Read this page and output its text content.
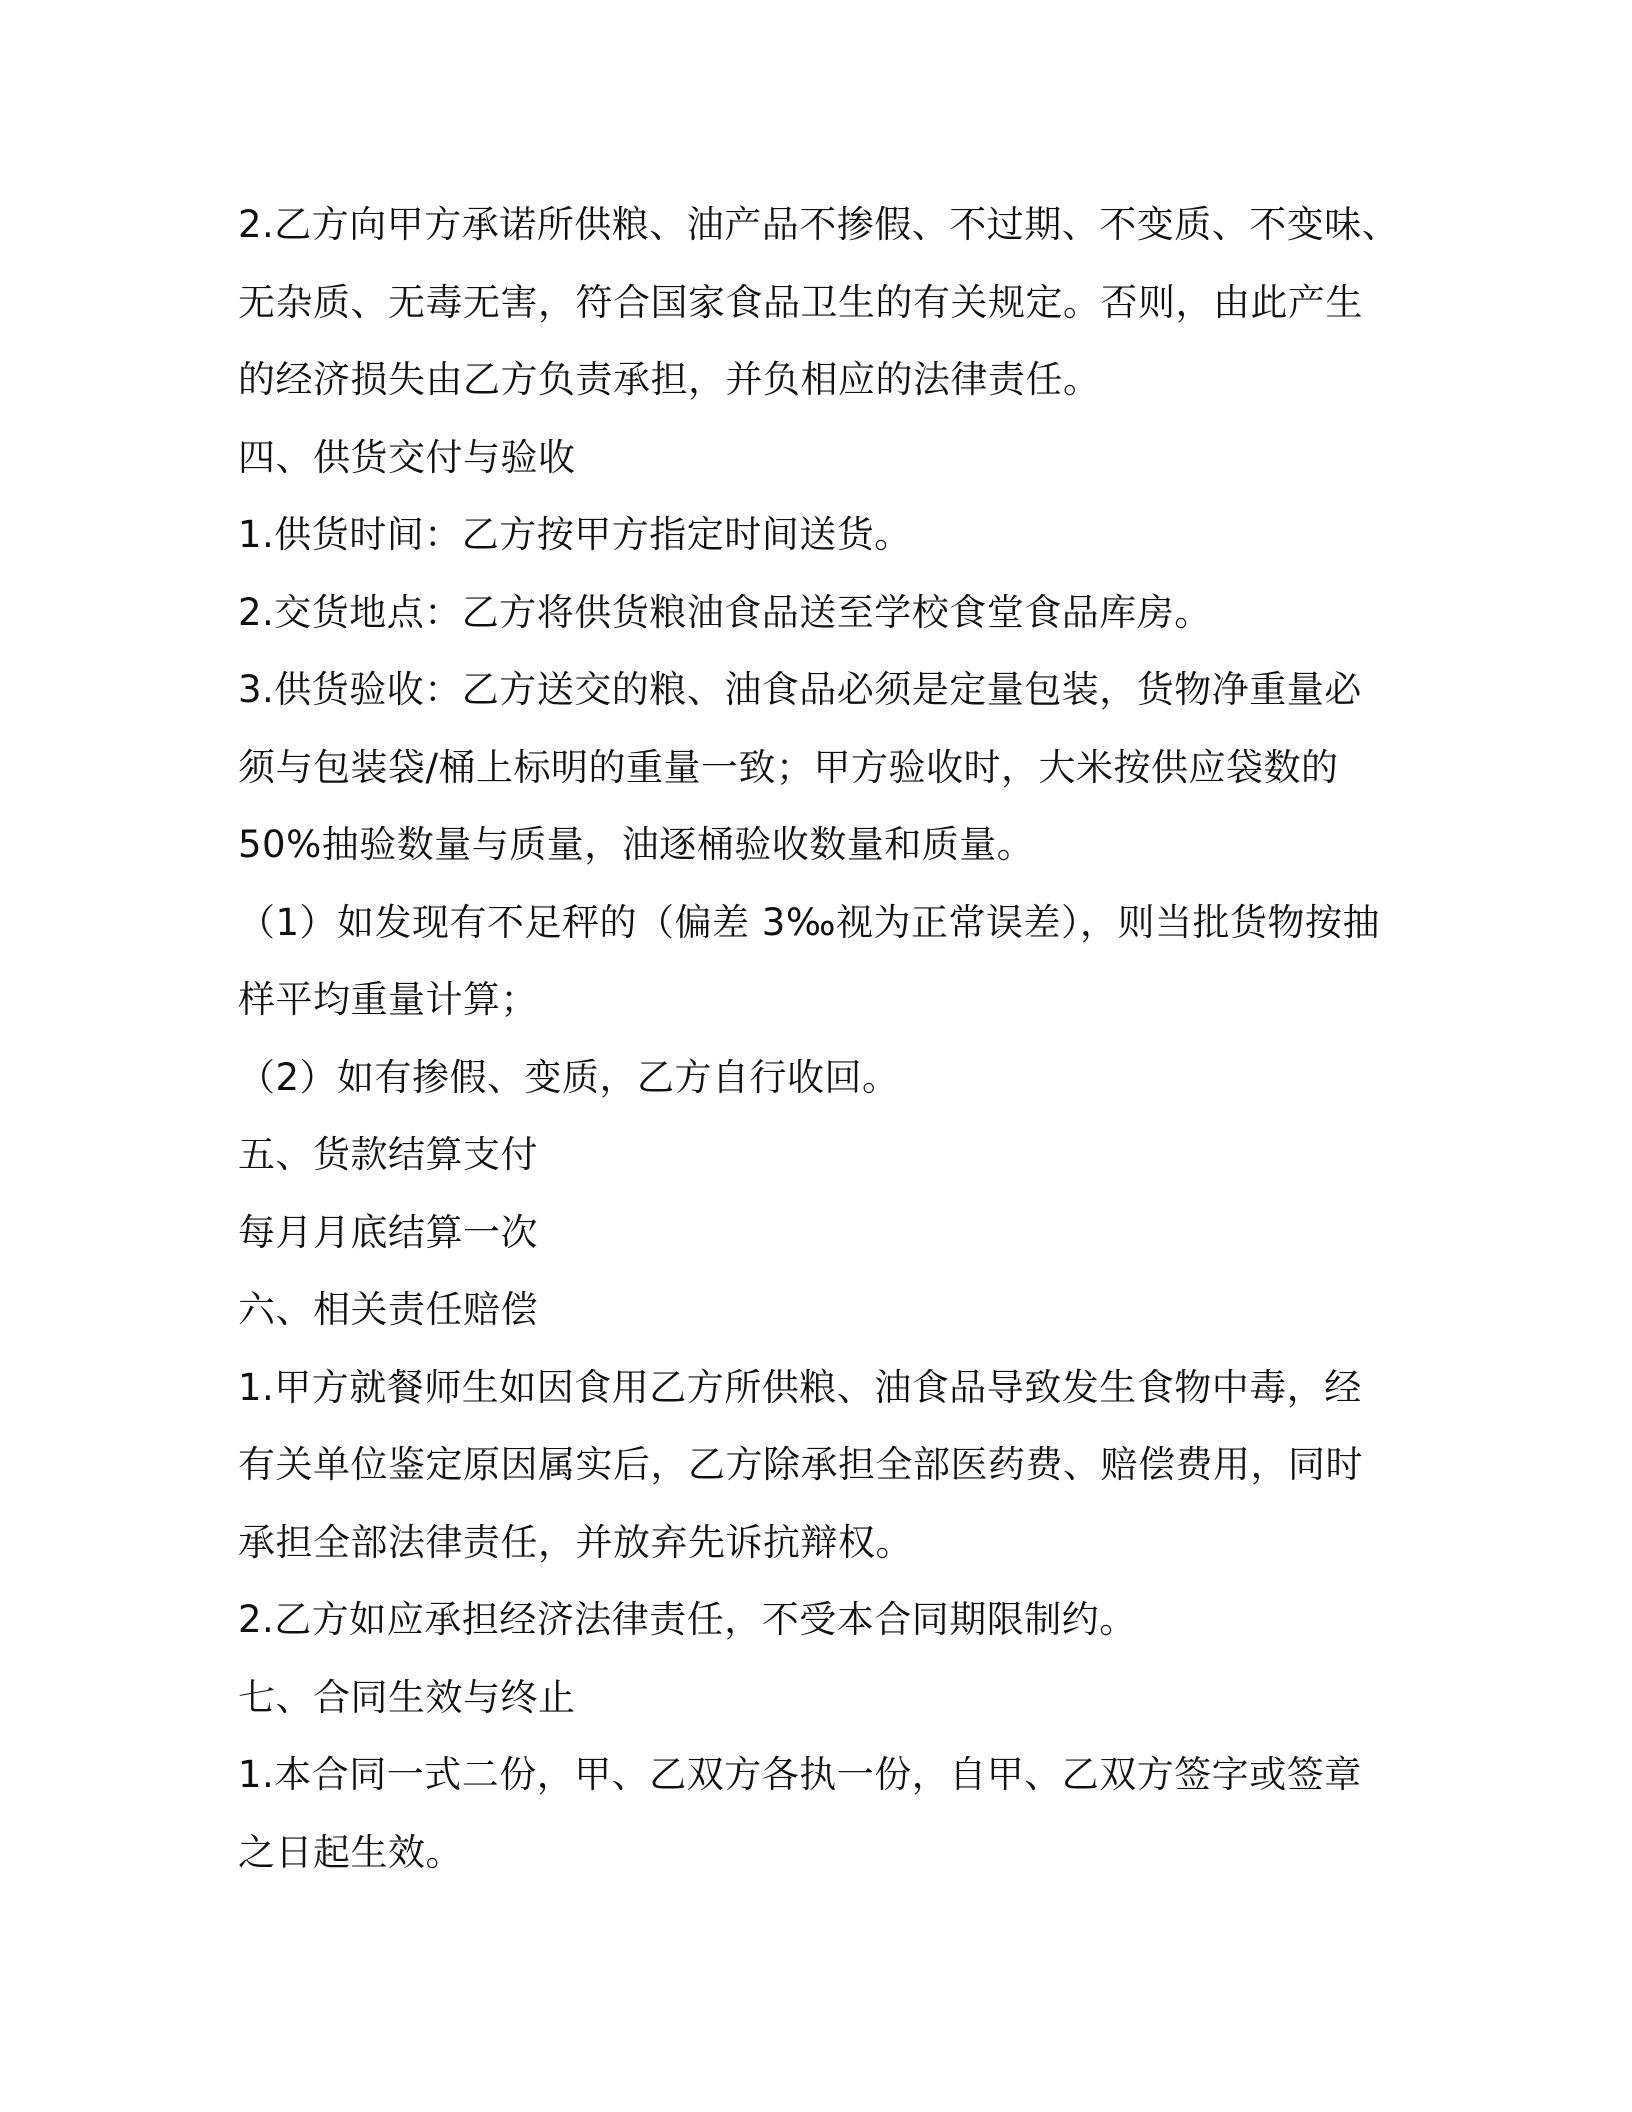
2.乙方向甲方承诺所供粮、油产品不掺假、不过期、不变质、不变味、
无杂质、无毒无害，符合国家食品卫生的有关规定。否则，由此产生
的经济损失由乙方负责承担，并负相应的法律责任。
四、供货交付与验收
1.供货时间：乙方按甲方指定时间送货。
2.交货地点：乙方将供货粮油食品送至学校食堂食品库房。
3.供货验收：乙方送交的粮、油食品必须是定量包装，货物净重量必
须与包装袋/桶上标明的重量一致；甲方验收时，大米按供应袋数的
50%抽验数量与质量，油逐桶验收数量和质量。
（1）如发现有不足秤的（偏差 3‰视为正常误差），则当批货物按抽
样平均重量计算；
（2）如有掺假、变质，乙方自行收回。
五、货款结算支付
每月月底结算一次
六、相关责任赔偿
1.甲方就餐师生如因食用乙方所供粮、油食品导致发生食物中毒，经
有关单位鉴定原因属实后，乙方除承担全部医药费、赔偿费用，同时
承担全部法律责任，并放弃先诉抗辩权。
2.乙方如应承担经济法律责任，不受本合同期限制约。
七、合同生效与终止
1.本合同一式二份，甲、乙双方各执一份，自甲、乙双方签字或签章
之日起生效。
